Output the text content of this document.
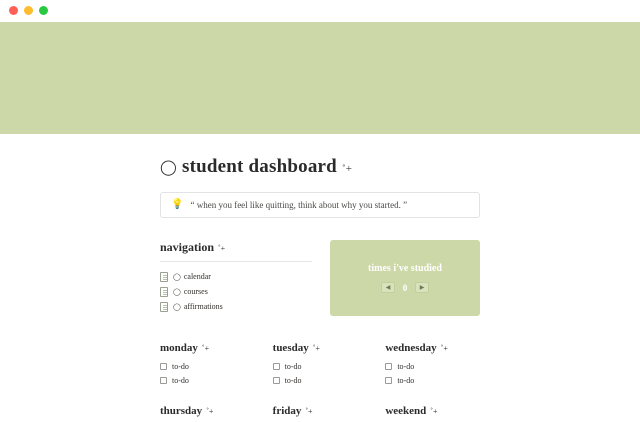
◯ student dashboard ˚+
💡 “ when you feel like quitting, think about why you started. ”
navigation ˚+
◯ calendar
◯ courses
◯ affirmations
times i've studied
◀	0	▶
monday ˚+
to-do
to-do
tuesday ˚+
to-do
to-do
wednesday ˚+
to-do
to-do
thursday ˚+	friday ˚+	weekend ˚+
